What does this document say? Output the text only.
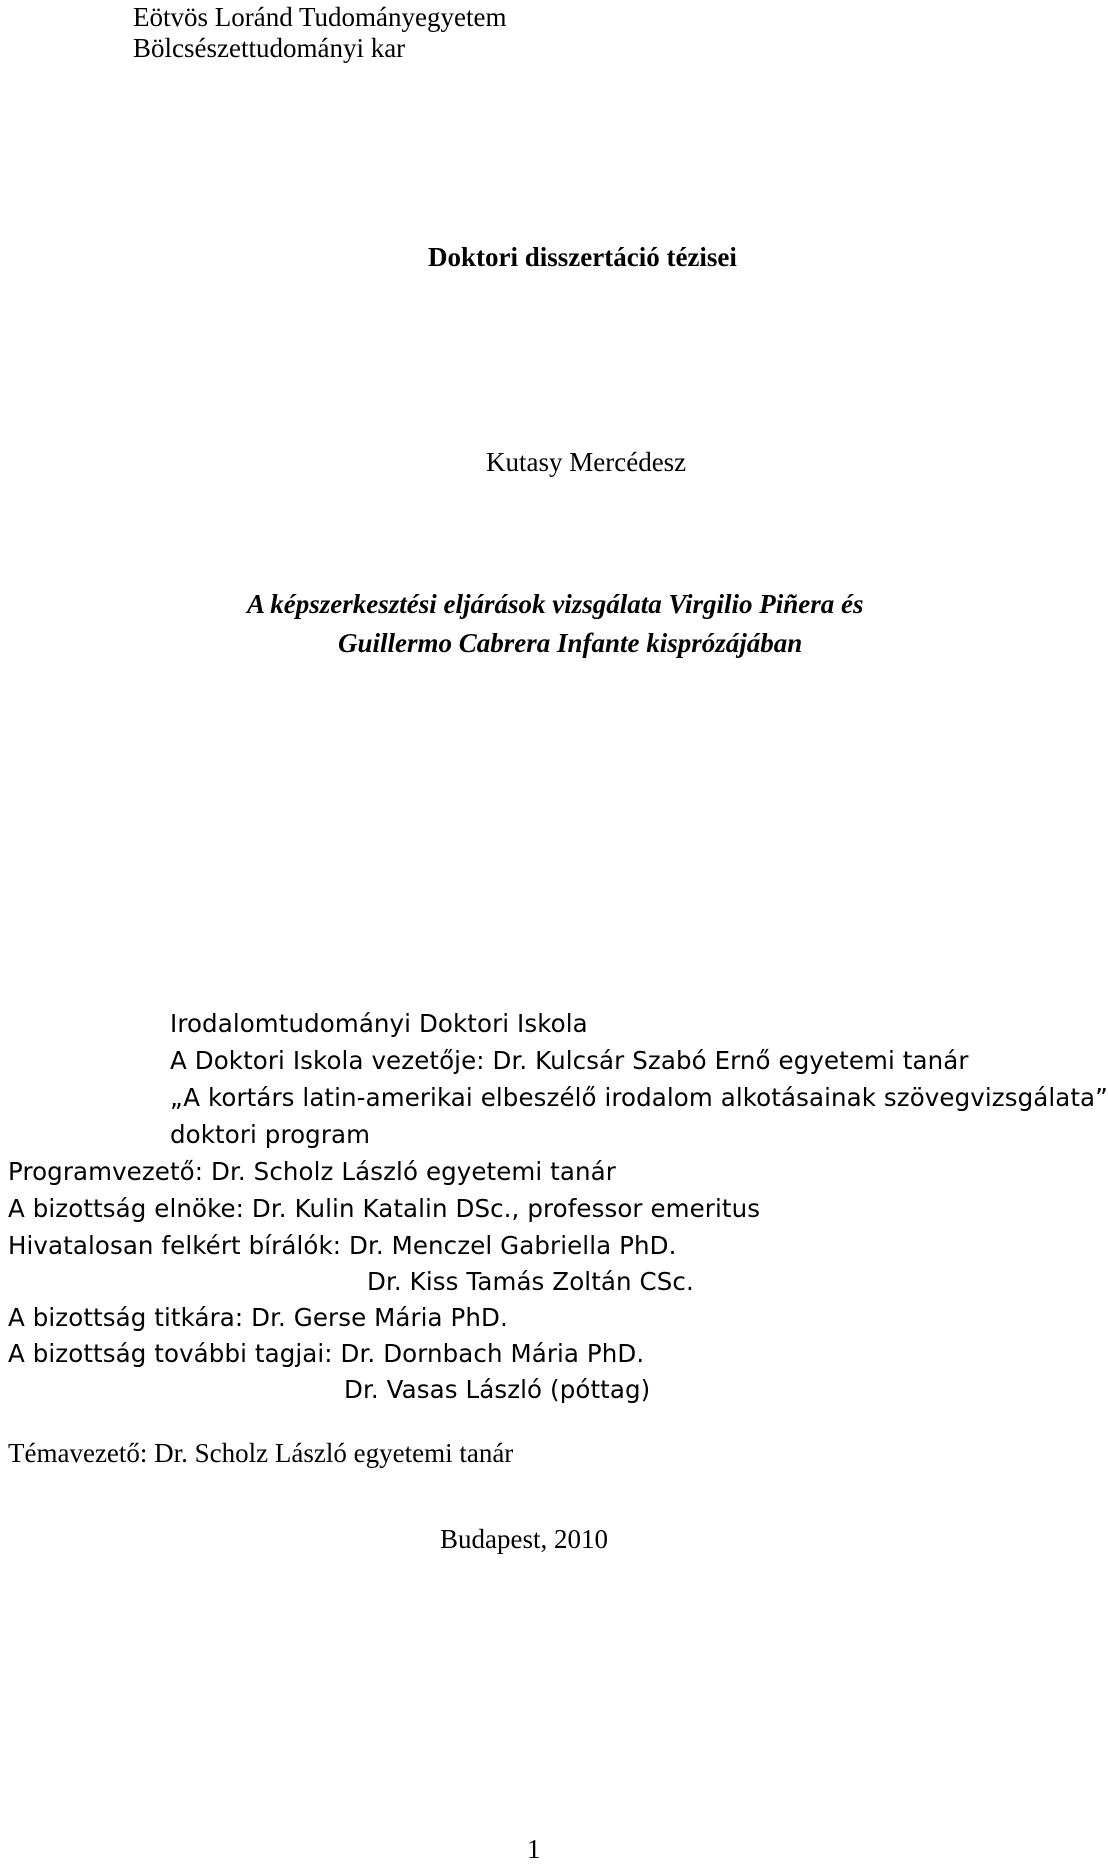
Eötvös Loránd Tudományegyetem

Bölcsészettudományi kar

Doktori disszertáció tézisei

Kutasy Mercédesz

A képszerkesztési eljárások vizsgálata Virgilio Piñera és

Guillermo Cabrera Infante kisprózájában

Irodalomtudományi Doktori Iskola

A Doktori Iskola vezetője: Dr. Kulcsár Szabó Ernő egyetemi tanár

„A kortárs latin-amerikai elbeszélő irodalom alkotásainak szövegvizsgálata”

doktori program

Programvezető: Dr. Scholz László egyetemi tanár

A bizottság elnöke: Dr. Kulin Katalin DSc., professor emeritus

Hivatalosan felkért bírálók: Dr. Menczel Gabriella PhD.

Dr. Kiss Tamás Zoltán CSc.

A bizottság titkára: Dr. Gerse Mária PhD.

A bizottság további tagjai: Dr. Dornbach Mária PhD.

Dr. Vasas László (póttag)

Témavezető: Dr. Scholz László egyetemi tanár

Budapest, 2010

1
